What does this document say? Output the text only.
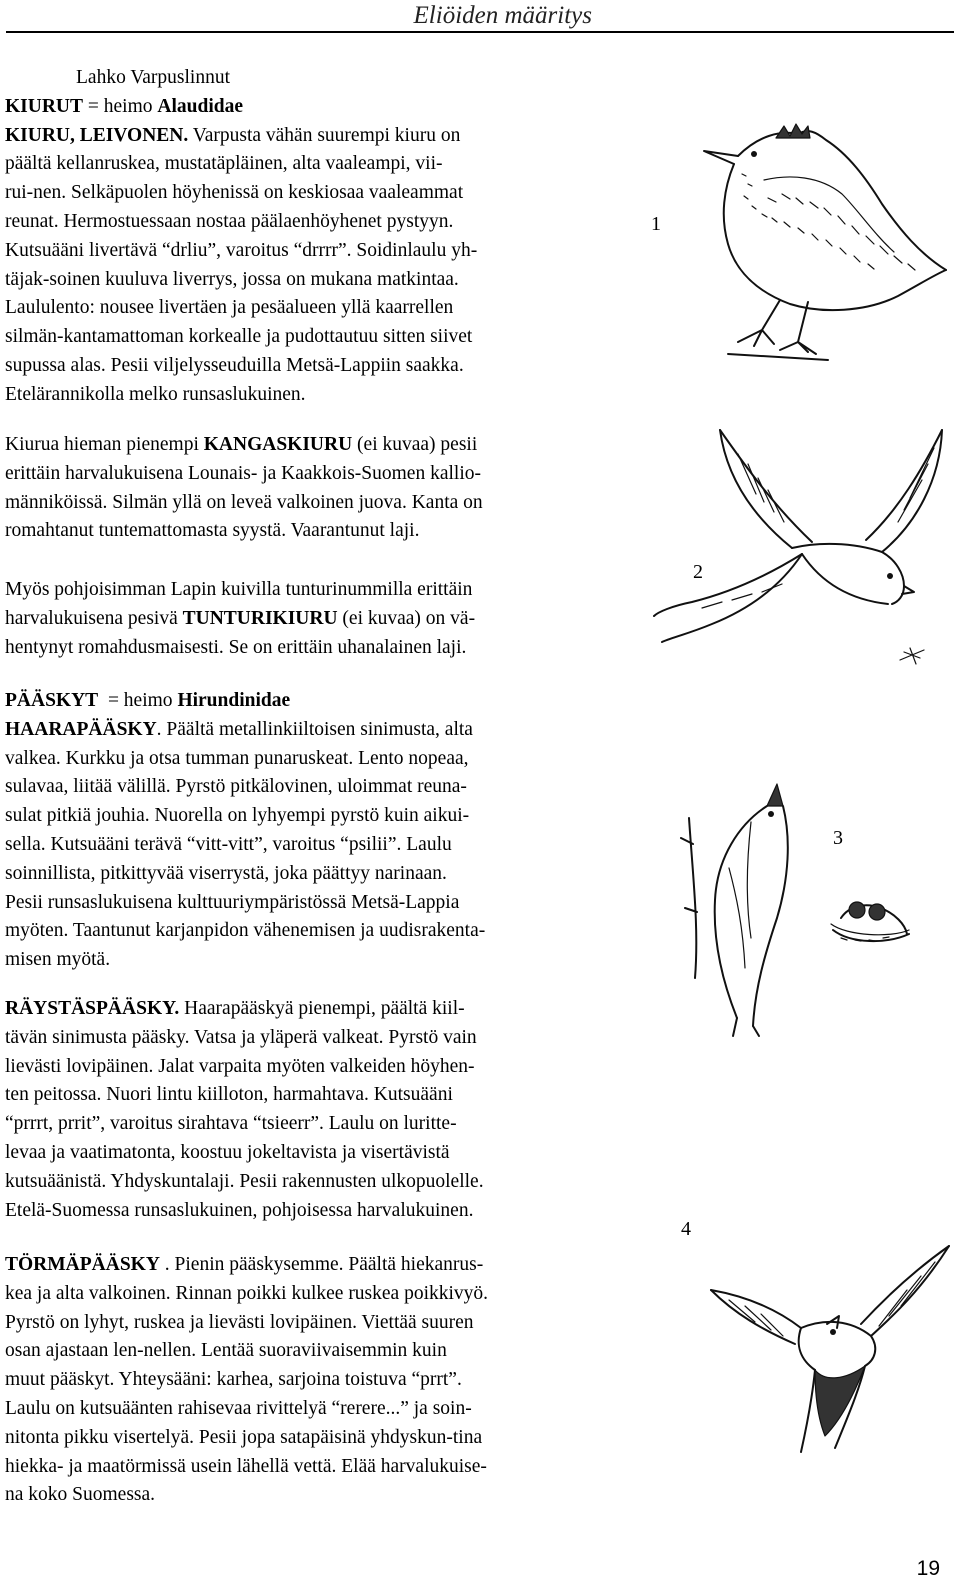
Eliöiden määritys
Lahko Varpuslinnut
KIURUT = heimo Alaudidae
KIURU, LEIVONEN. Varpusta vähän suurempi kiuru on
päältä kellanruskea, mustatäpläinen, alta vaaleampi, vii-
rui-nen. Selkäpuolen höyhenissä on keskiosaa vaaleammat
reunat. Hermostuessaan nostaa päälaenhöyhenet pystyyn.
Kutsuääni livertävä “drliu”, varoitus “drrrr”. Soidinlaulu yh-
täjak-soinen kuuluva liverrys, jossa on mukana matkintaa.
Laululento: nousee livertäen ja pesäalueen yllä kaarrellen
silmän-kantamattoman korkealle ja pudottautuu sitten siivet
supussa alas. Pesii viljelysseuduilla Metsä-Lappiin saakka.
Etelärannikolla melko runsaslukuinen.
Kiurua hieman pienempi KANGASKIURU (ei kuvaa) pesii
erittäin harvalukuisena Lounais- ja Kaakkois-Suomen kallio-
männiköissä. Silmän yllä on leveä valkoinen juova. Kanta on
romahtanut tuntemattomasta syystä. Vaarantunut laji.
Myös pohjoisimman Lapin kuivilla tunturinummilla erittäin
harvalukuisena pesivä TUNTURIKIURU (ei kuvaa) on vä-
hentynyt romahdusmaisesti. Se on erittäin uhanalainen laji.
PÄÄSKYT  = heimo Hirundinidae
HAARAPÄÄSKY. Päältä metallinkiiltoisen sinimusta, alta
valkea. Kurkku ja otsa tumman punaruskeat. Lento nopeaa,
sulavaa, liitää välillä. Pyrstö pitkälovinen, uloimmat reuna-
sulat pitkiä jouhia. Nuorella on lyhyempi pyrstö kuin aikui-
sella. Kutsuääni terävä “vitt-vitt”, varoitus “psilii”. Laulu
soinnillista, pitkittyvää viserrystä, joka päättyy narinaan.
Pesii runsaslukuisena kulttuuriympäristössä Metsä-Lappia
myöten. Taantunut karjanpidon vähenemisen ja uudisrakenta-
misen myötä.
RÄYSTÄSPÄÄSKY. Haarapääskyä pienempi, päältä kiil-
tävän sinimusta pääsky. Vatsa ja yläperä valkeat. Pyrstö vain
lievästi lovipäinen. Jalat varpaita myöten valkeiden höyhen-
ten peitossa. Nuori lintu kiilloton, harmahtava. Kutsuääni
“prrrt, prrit”, varoitus sirahtava “tsieerr”. Laulu on luritte-
levaa ja vaatimatonta, koostuu jokeltavista ja visertävistä
kutsuäänistä. Yhdyskuntalaji. Pesii rakennusten ulkopuolelle.
Etelä-Suomessa runsaslukuinen, pohjoisessa harvalukuinen.
TÖRMÄPÄÄSKY . Pienin pääskysemme. Päältä hiekanrus-
kea ja alta valkoinen. Rinnan poikki kulkee ruskea poikkivyö.
Pyrstö on lyhyt, ruskea ja lievästi lovipäinen. Viettää suuren
osan ajastaan len-nellen. Lentää suoraviivaisemmin kuin
muut pääskyt. Yhteysääni: karhea, sarjoina toistuva “prrt”.
Laulu on kutsuäänten rahisevaa rivittelyä “rerere...” ja soin-
nitonta pikku visertelyä. Pesii jopa satapäisinä yhdyskun-tina
hiekka- ja maatörmissä usein lähellä vettä. Elää harvalukuise-
na koko Suomessa.
1
2
3
4
19
